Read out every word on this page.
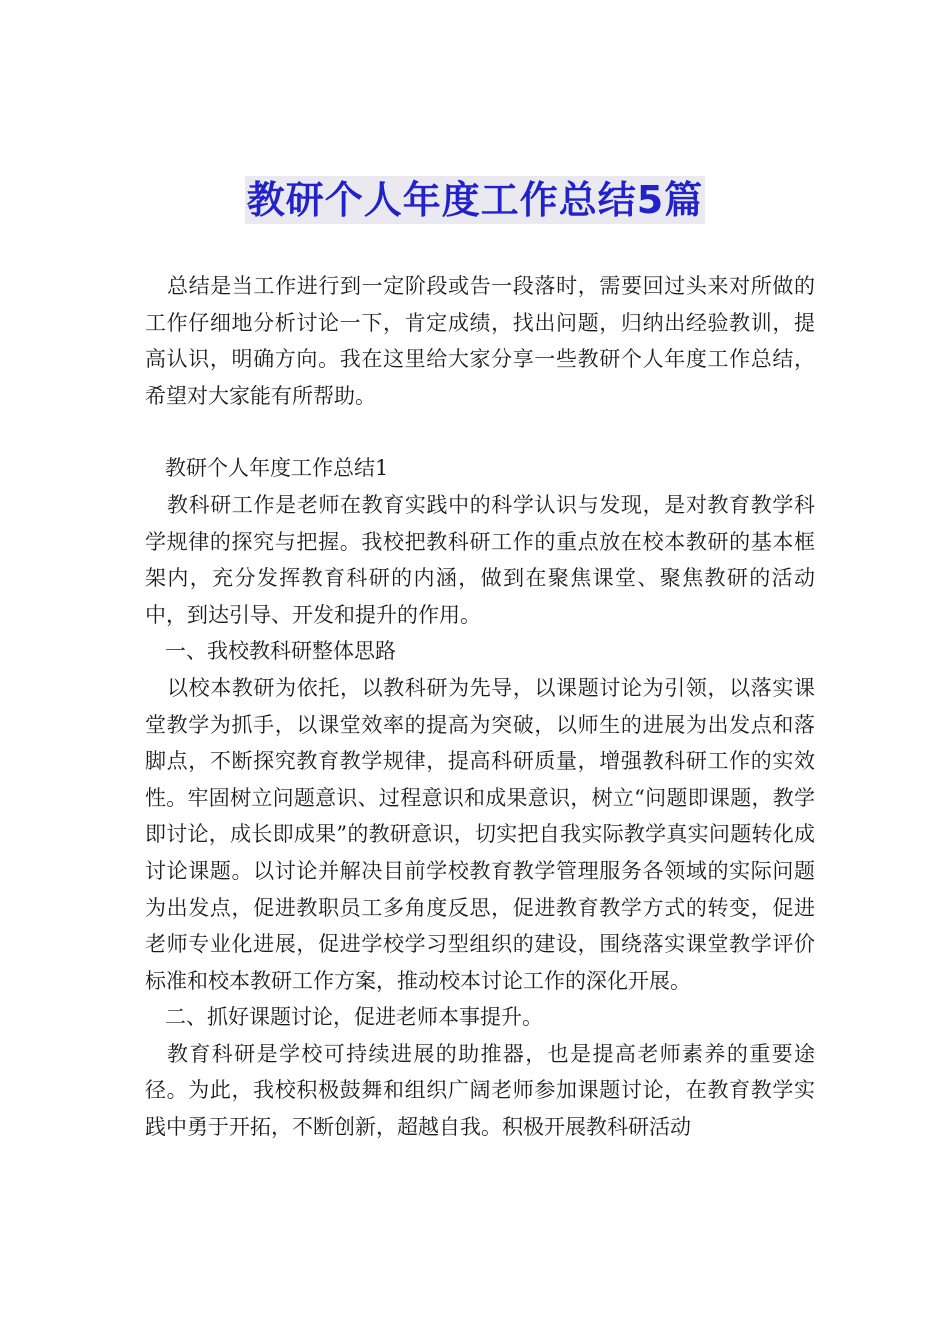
教研个人年度工作总结5篇

总结是当工作进行到一定阶段或告一段落时，需要回过头来对所做的工作仔细地分析讨论一下，肯定成绩，找出问题，归纳出经验教训，提高认识，明确方向。我在这里给大家分享一些教研个人年度工作总结，希望对大家能有所帮助。

教研个人年度工作总结1

教科研工作是老师在教育实践中的科学认识与发现，是对教育教学科学规律的探究与把握。我校把教科研工作的重点放在校本教研的基本框架内，充分发挥教育科研的内涵，做到在聚焦课堂、聚焦教研的活动中，到达引导、开发和提升的作用。

一、我校教科研整体思路

以校本教研为依托，以教科研为先导，以课题讨论为引领，以落实课堂教学为抓手，以课堂效率的提高为突破，以师生的进展为出发点和落脚点，不断探究教育教学规律，提高科研质量，增强教科研工作的实效性。牢固树立问题意识、过程意识和成果意识，树立“问题即课题，教学即讨论，成长即成果”的教研意识，切实把自我实际教学真实问题转化成讨论课题。以讨论并解决目前学校教育教学管理服务各领域的实际问题为出发点，促进教职员工多角度反思，促进教育教学方式的转变，促进老师专业化进展，促进学校学习型组织的建设，围绕落实课堂教学评价标准和校本教研工作方案，推动校本讨论工作的深化开展。

二、抓好课题讨论，促进老师本事提升。

教育科研是学校可持续进展的助推器，也是提高老师素养的重要途径。为此，我校积极鼓舞和组织广阔老师参加课题讨论，在教育教学实践中勇于开拓，不断创新，超越自我。积极开展教科研活动
